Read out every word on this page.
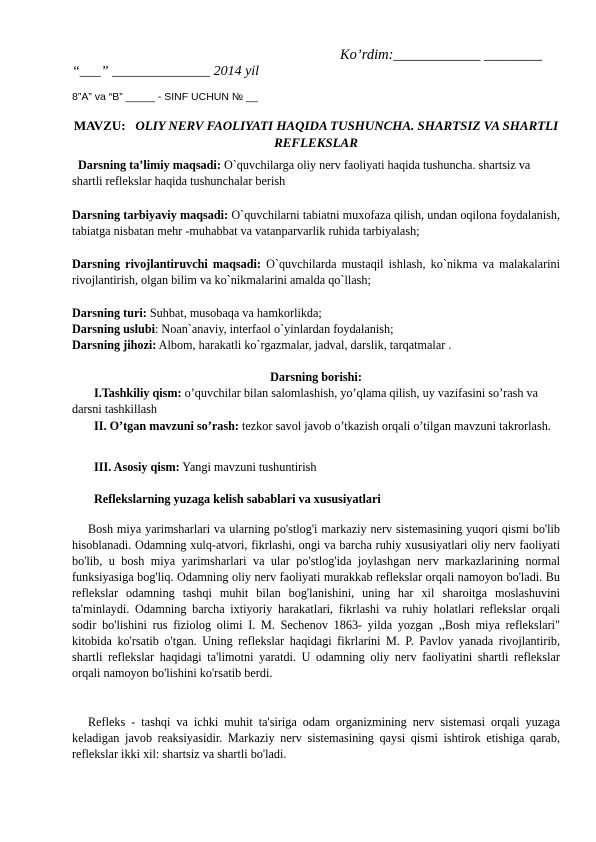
Ko’rdim:____________ ________
“___” ______________ 2014 yil
8”A” va “B” _____ - SINF UCHUN № __
MAVZU: OLIY NERV FAOLIYATI HAQIDA TUSHUNCHA. SHARTSIZ VA SHARTLI REFLEKSLAR
Darsning ta’limiy maqsadi: O`quvchilarga oliy nerv faoliyati haqida tushuncha. shartsiz va shartli reflekslar haqida tushunchalar berish
Darsning tarbiyaviy maqsadi: O`quvchilarni tabiatni muxofaza qilish, undan oqilona foydalanish, tabiatga nisbatan mehr -muhabbat va vatanparvarlik ruhida tarbiyalash;
Darsning rivojlantiruvchi maqsadi: O`quvchilarda mustaqil ishlash, ko`nikma va malakalarini rivojlantirish, olgan bilim va ko`nikmalarini amalda qo`llash;
Darsning turi: Suhbat, musobaqa va hamkorlikda;
Darsning uslubi: Noan`anaviy, interfaol o`yinlardan foydalanish;
Darsning jihozi: Albom, harakatli ko`rgazmalar, jadval, darslik, tarqatmalar .
Darsning borishi:
I.Tashkiliy qism: o’quvchilar bilan salomlashish, yo’qlama qilish, uy vazifasini so’rash va darsni tashkillash
II. O’tgan mavzuni so’rash: tezkor savol javob o’tkazish orqali o’tilgan mavzuni takrorlash.
III. Asosiy qism: Yangi mavzuni tushuntirish
Reflekslarning yuzaga kelish sabablari va xususiyatlari
Bosh miya yarimsharlari va ularning po'stlog'i markaziy nerv sistemasining yuqori qismi bo'lib hisoblanadi. Odamning xulq-atvori, fikrlashi, ongi va barcha ruhiy xususiyatlari oliy nerv faoliyati bo'lib, u bosh miya yarimsharlari va ular po'stlog'ida joylashgan nerv markazlarining normal funksiyasiga bog'liq. Odamning oliy nerv faoliyati murakkab reflekslar orqali namoyon bo'ladi. Bu reflekslar odamning tashqi muhit bilan bog'lanishini, uning har xil sharoitga moslashuvini ta'minlaydi. Odamning barcha ixtiyoriy harakatlari, fikrlashi va ruhiy holatlari reflekslar orqali sodir bo'lishini rus fiziolog olimi I. M. Sechenov 1863- yilda yozgan ,,Bosh miya reflekslari" kitobida ko'rsatib o'tgan. Uning reflekslar haqidagi fikrlarini M. P. Pavlov yanada rivojlantirib, shartli reflekslar haqidagi ta'limotni yaratdi. U odamning oliy nerv faoliyatini shartli reflekslar orqali namoyon bo'lishini ko'rsatib berdi.
Refleks - tashqi va ichki muhit ta'siriga odam organizmining nerv sistemasi orqali yuzaga keladigan javob reaksiyasidir. Markaziy nerv sistemasining qaysi qismi ishtirok etishiga qarab, reflekslar ikki xil: shartsiz va shartli bo'ladi.
